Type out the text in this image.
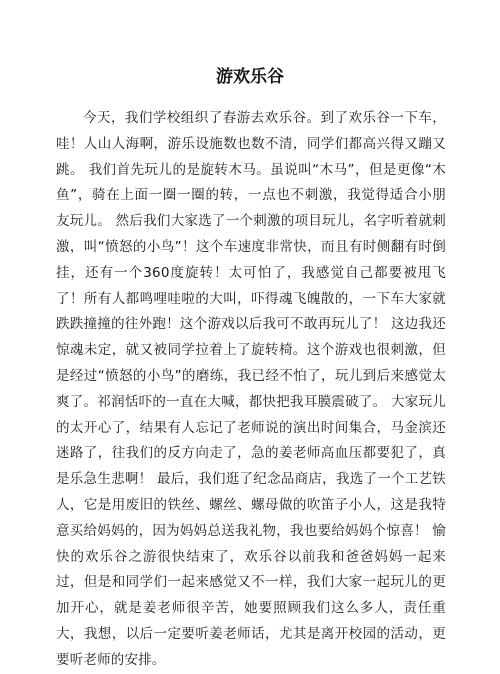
游欢乐谷

今天，我们学校组织了春游去欢乐谷。到了欢乐谷一下车，哇！人山人海啊，游乐设施数也数不清，同学们都高兴得又蹦又跳。 我们首先玩儿的是旋转木马。虽说叫“木马”，但是更像“木鱼”，骑在上面一圈一圈的转，一点也不刺激，我觉得适合小朋友玩儿。 然后我们大家选了一个刺激的项目玩儿，名字听着就刺激，叫“愤怒的小鸟”！这个车速度非常快，而且有时侧翻有时倒挂，还有一个360度旋转！太可怕了，我感觉自己都要被甩飞了！所有人都鸣哩哇啦的大叫，吓得魂飞魄散的，一下车大家就跌跌撞撞的往外跑！这个游戏以后我可不敢再玩儿了！ 这边我还惊魂未定，就又被同学拉着上了旋转椅。这个游戏也很刺激，但是经过“愤怒的小鸟”的磨练，我已经不怕了，玩儿到后来感觉太爽了。祁润恬吓的一直在大喊，都快把我耳膜震破了。 大家玩儿的太开心了，结果有人忘记了老师说的演出时间集合，马金滨还迷路了，往我们的反方向走了，急的姜老师高血压都要犯了，真是乐急生悲啊！ 最后，我们逛了纪念品商店，我选了一个工艺铁人，它是用废旧的铁丝、螺丝、螺母做的吹笛子小人，这是我特意买给妈妈的，因为妈妈总送我礼物，我也要给妈妈个惊喜！ 愉快的欢乐谷之游很快结束了，欢乐谷以前我和爸爸妈妈一起来过，但是和同学们一起来感觉又不一样，我们大家一起玩儿的更加开心，就是姜老师很辛苦，她要照顾我们这么多人，责任重大，我想，以后一定要听姜老师话，尤其是离开校园的活动，更要听老师的安排。
